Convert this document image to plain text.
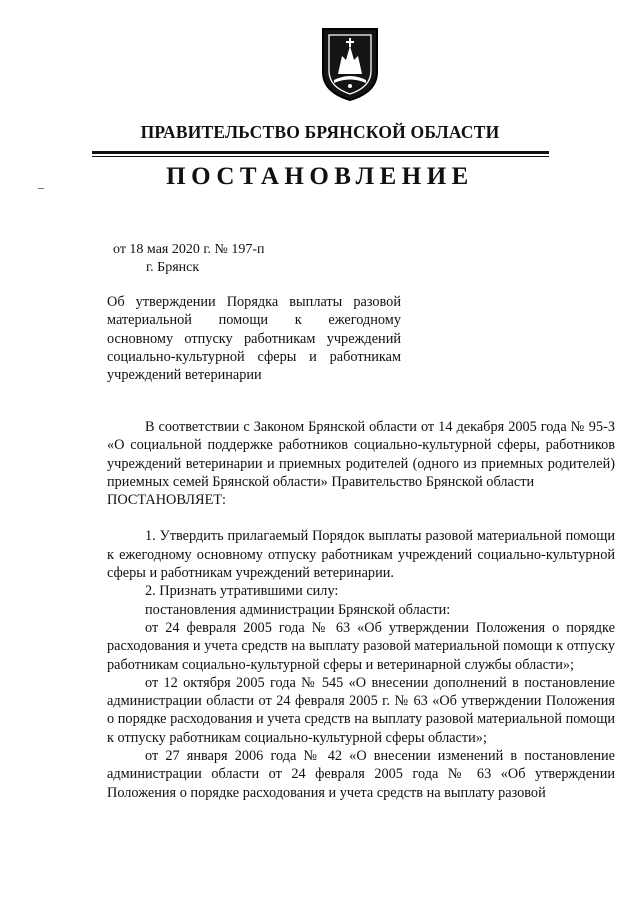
ПРАВИТЕЛЬСТВО БРЯНСКОЙ ОБЛАСТИ
ПОСТАНОВЛЕНИЕ
от 18 мая 2020 г. № 197-п
г. Брянск

Об утверждении Порядка выплаты разовой материальной помощи к ежегодному основному отпуску работникам учреждений социально-культурной сферы и работникам учреждений ветеринарии

В соответствии с Законом Брянской области от 14 декабря 2005 года № 95-З «О социальной поддержке работников социально-культурной сферы, работников учреждений ветеринарии и приемных родителей (одного из приемных родителей) приемных семей Брянской области» Правительство Брянской области

ПОСТАНОВЛЯЕТ:

1. Утвердить прилагаемый Порядок выплаты разовой материальной помощи к ежегодному основному отпуску работникам учреждений социально-культурной сферы и работникам учреждений ветеринарии.

2. Признать утратившими силу:

постановления администрации Брянской области:

от 24 февраля 2005 года № 63 «Об утверждении Положения о порядке расходования и учета средств на выплату разовой материальной помощи к отпуску работникам социально-культурной сферы и ветеринарной службы области»;

от 12 октября 2005 года № 545 «О внесении дополнений в постановление администрации области от 24 февраля 2005 г. № 63 «Об утверждении Положения о порядке расходования и учета средств на выплату разовой материальной помощи к отпуску работникам социально-культурной сферы области»;

от 27 января 2006 года № 42 «О внесении изменений в постановление администрации области от 24 февраля 2005 года № 63 «Об утверждении Положения о порядке расходования и учета средств на выплату разовой
